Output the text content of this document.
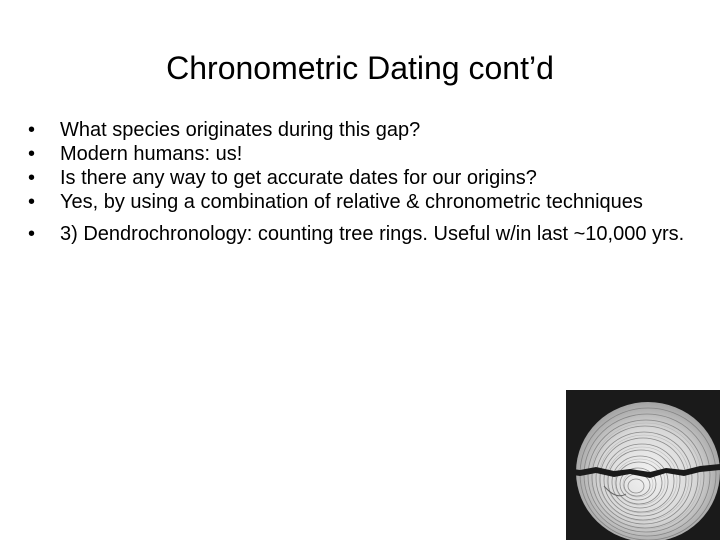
Chronometric Dating cont’d
•	What species originates during this gap?
•	Modern humans: us!
•	Is there any way to get accurate dates for our origins?
•	Yes, by using a combination of relative & chronometric techniques
•	3) Dendrochronology: counting tree rings. Useful w/in last ~10,000 yrs.
